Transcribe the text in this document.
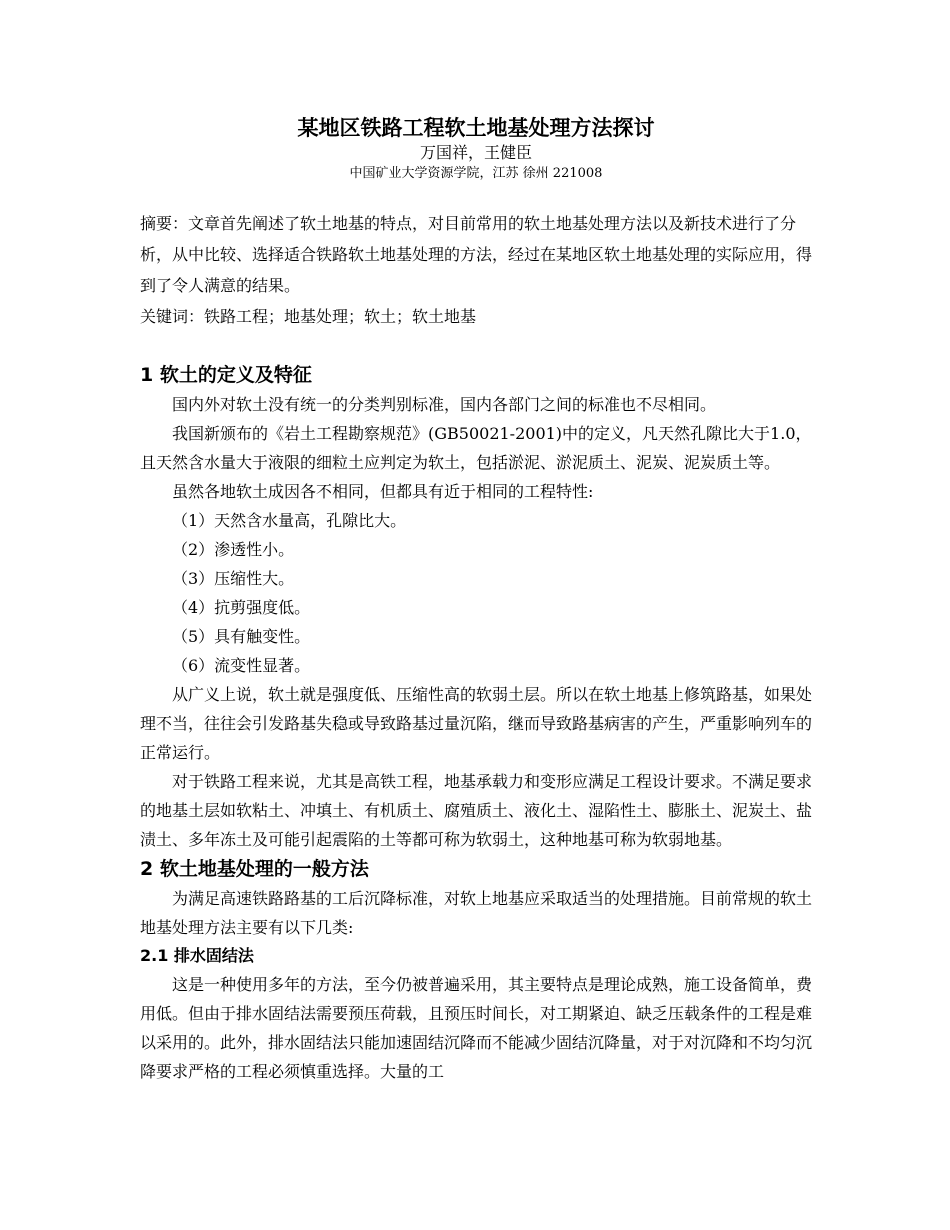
某地区铁路工程软土地基处理方法探讨

万国祥，王健臣

中国矿业大学资源学院，江苏 徐州 221008

摘要：文章首先阐述了软土地基的特点，对目前常用的软土地基处理方法以及新技术进行了分析，从中比较、选择适合铁路软土地基处理的方法，经过在某地区软土地基处理的实际应用，得到了令人满意的结果。

关键词：铁路工程；地基处理；软土；软土地基

1 软土的定义及特征

国内外对软土没有统一的分类判别标准，国内各部门之间的标准也不尽相同。

我国新颁布的《岩土工程勘察规范》(GB50021-2001)中的定义，凡天然孔隙比大于1.0，且天然含水量大于液限的细粒土应判定为软土，包括淤泥、淤泥质土、泥炭、泥炭质土等。

虽然各地软土成因各不相同，但都具有近于相同的工程特性:

（1）天然含水量高，孔隙比大。

（2）渗透性小。

（3）压缩性大。

（4）抗剪强度低。

（5）具有触变性。

（6）流变性显著。

从广义上说，软土就是强度低、压缩性高的软弱土层。所以在软土地基上修筑路基，如果处理不当，往往会引发路基失稳或导致路基过量沉陷，继而导致路基病害的产生，严重影响列车的正常运行。

对于铁路工程来说，尤其是高铁工程，地基承载力和变形应满足工程设计要求。不满足要求的地基土层如软粘土、冲填土、有机质土、腐殖质土、液化土、湿陷性土、膨胀土、泥炭土、盐渍土、多年冻土及可能引起震陷的土等都可称为软弱土，这种地基可称为软弱地基。

2 软土地基处理的一般方法

为满足高速铁路路基的工后沉降标准，对软上地基应采取适当的处理措施。目前常规的软土地基处理方法主要有以下几类:

2.1 排水固结法

这是一种使用多年的方法，至今仍被普遍采用，其主要特点是理论成熟，施工设备简单，费用低。但由于排水固结法需要预压荷载，且预压时间长，对工期紧迫、缺乏压载条件的工程是难以采用的。此外，排水固结法只能加速固结沉降而不能减少固结沉降量，对于对沉降和不均匀沉降要求严格的工程必须慎重选择。大量的工
